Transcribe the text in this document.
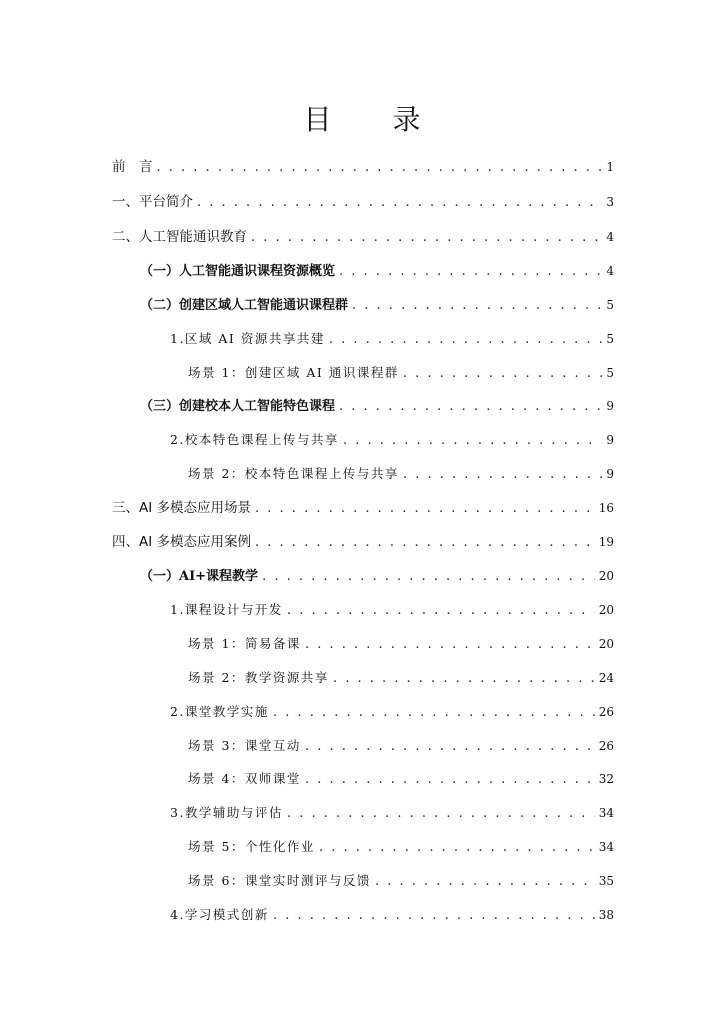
目 录
前　言 . . .	1
一、平台简介 . . .	3
二、人工智能通识教育 . . .	4
（一）人工智能通识课程资源概览 . . .	4
（二）创建区域人工智能通识课程群 . . .	5
1.区域 AI 资源共享共建 . . .	5
场景 1：创建区域 AI 通识课程群 . . .	5
（三）创建校本人工智能特色课程 . . .	9
2.校本特色课程上传与共享 . . .	9
场景 2：校本特色课程上传与共享 . . .	9
三、AI 多模态应用场景 . . .	16
四、AI 多模态应用案例 . . .	19
（一）AI+课程教学 . . .	20
1.课程设计与开发 . . .	20
场景 1：简易备课 . . .	20
场景 2：教学资源共享 . . .	24
2.课堂教学实施 . . .	26
场景 3：课堂互动 . . .	26
场景 4：双师课堂 . . .	32
3.教学辅助与评估 . . .	34
场景 5：个性化作业 . . .	34
场景 6：课堂实时测评与反馈 . . .	35
4.学习模式创新 . . .	38
